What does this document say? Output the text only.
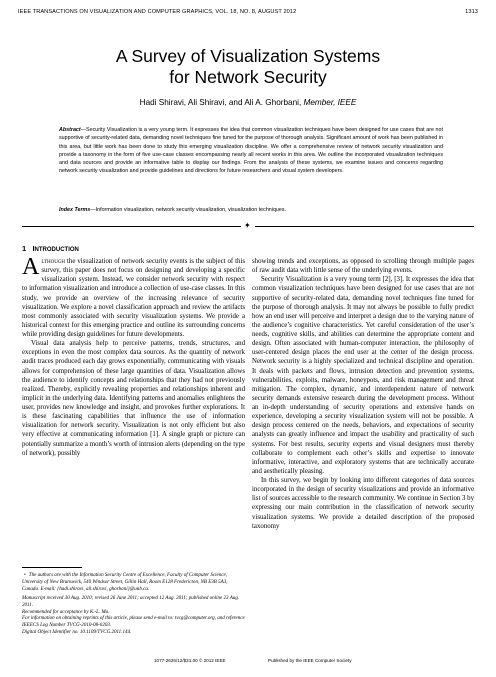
IEEE TRANSACTIONS ON VISUALIZATION AND COMPUTER GRAPHICS, VOL. 18, NO. 8, AUGUST 2012	1313
A Survey of Visualization Systems
for Network Security
Hadi Shiravi, Ali Shiravi, and Ali A. Ghorbani, Member, IEEE
Abstract—Security Visualization is a very young term. It expresses the idea that common visualization techniques have been designed for use cases that are not supportive of security-related data, demanding novel techniques fine tuned for the purpose of thorough analysis. Significant amount of work has been published in this area, but little work has been done to study this emerging visualization discipline. We offer a comprehensive review of network security visualization and provide a taxonomy in the form of five use-case classes encompassing nearly all recent works in this area. We outline the incorporated visualization techniques and data sources and provide an informative table to display our findings. From the analysis of these systems, we examine issues and concerns regarding network security visualization and provide guidelines and directions for future researchers and visual system developers.
Index Terms—Information visualization, network security visualization, visualization techniques.
✦
1 INTRODUCTION

Although the visualization of network security events is the subject of this survey, this paper does not focus on designing and developing a specific visualization system. Instead, we consider network security with respect to information visualization and introduce a collection of use-case classes. In this study, we provide an overview of the increasing relevance of security visualization. We explore a novel classification approach and review the artifacts most commonly associated with security visualization systems. We provide a historical context for this emerging practice and outline its surrounding concerns while providing design guidelines for future developments.

Visual data analysis help to perceive patterns, trends, structures, and exceptions in even the most complex data sources. As the quantity of network audit traces produced each day grows exponentially, communicating with visuals allows for comprehension of these large quantities of data. Visualization allows the audience to identify concepts and relationships that they had not previously realized. Thereby, explicitly revealing properties and relationships inherent and implicit in the underlying data. Identifying patterns and anomalies enlightens the user, provides new knowledge and insight, and provokes further explorations. It is these fascinating capabilities that influence the use of information visualization for network security. Visualization is not only efficient but also very effective at communicating information [1]. A single graph or picture can potentially summarize a month’s worth of intrusion alerts (depending on the type of network), possibly

• The authors are with the Information Security Centre of Excellence, Faculty of Computer Science, University of New Brunswick, 540 Windsor Street, Gillin Hall, Room E128 Fredericton, NB E3B 5A3, Canada. E-mail: {hadi.shiravi, ali.shiravi, ghorbani}@unb.ca.

Manuscript received 30 Aug. 2010; revised 26 June 2011; accepted 12 Aug. 2011; published online 23 Aug. 2011.

Recommended for acceptance by K.-L. Ma.

For information on obtaining reprints of this article, please send e-mail to: tvcg@computer.org, and reference IEEECS Log Number TVCG-2010-08-0203.

Digital Object Identifier no. 10.1109/TVCG.2011.144.

showing trends and exceptions, as opposed to scrolling through multiple pages of raw audit data with little sense of the underlying events.

Security Visualization is a very young term [2], [3]. It expresses the idea that common visualization techniques have been designed for use cases that are not supportive of security-related data, demanding novel techniques fine tuned for the purpose of thorough analysis. It may not always be possible to fully predict how an end user will perceive and interpret a design due to the varying nature of the audience’s cognitive characteristics. Yet careful consideration of the user’s needs, cognitive skills, and abilities can determine the appropriate content and design. Often associated with human-computer interaction, the philosophy of user-centered design places the end user at the center of the design process. Network security is a highly specialized and technical discipline and operation. It deals with packets and flows, intrusion detection and prevention systems, vulnerabilities, exploits, malware, honeypots, and risk management and threat mitigation. The complex, dynamic, and interdependent nature of network security demands extensive research during the development process. Without an in-depth understanding of security operations and extensive hands on experience, developing a security visualization system will not be possible. A design process centered on the needs, behaviors, and expectations of security analysts can greatly influence and impact the usability and practicality of such systems. For best results, security experts and visual designers must thereby collaborate to complement each other’s skills and expertise to innovate informative, interactive, and exploratory systems that are technically accurate and aesthetically pleasing.

In this survey, we begin by looking into different categories of data sources incorporated in the design of security visualizations and provide an informative list of sources accessible to the research community. We continue in Section 3 by expressing our main contribution in the classification of network security visualization systems. We provide a detailed description of the proposed taxonomy

1077-2626/12/$31.00 © 2012 IEEE	Published by the IEEE Computer Society
